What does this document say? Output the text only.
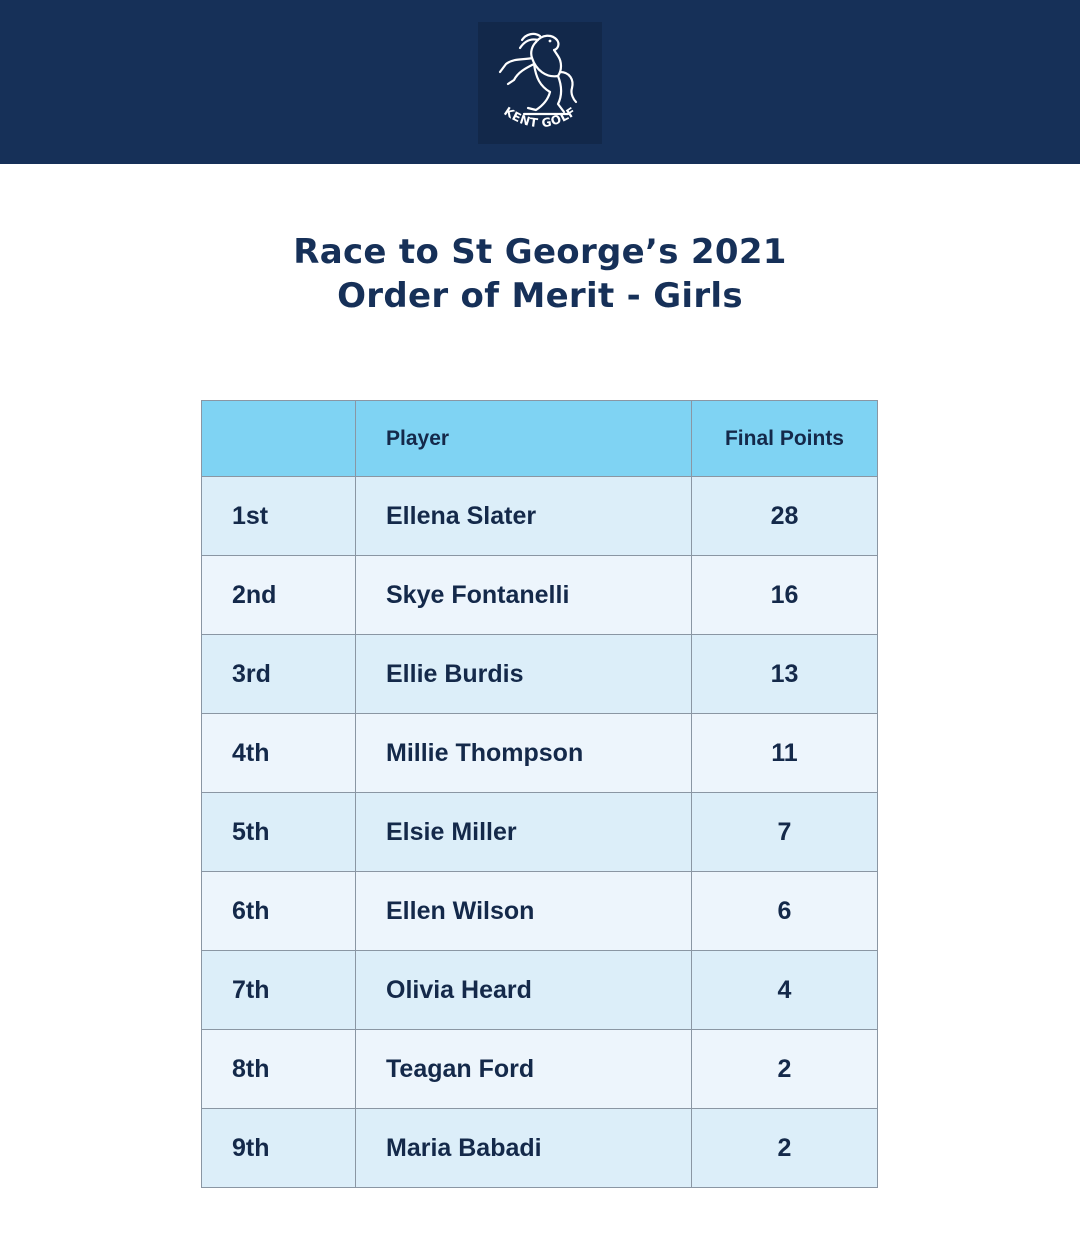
KENT GOLF
Race to St George’s 2021
Order of Merit - Girls
	Player	Final Points
1st	Ellena Slater	28
2nd	Skye Fontanelli	16
3rd	Ellie Burdis	13
4th	Millie Thompson	11
5th	Elsie Miller	7
6th	Ellen Wilson	6
7th	Olivia Heard	4
8th	Teagan Ford	2
9th	Maria Babadi	2
